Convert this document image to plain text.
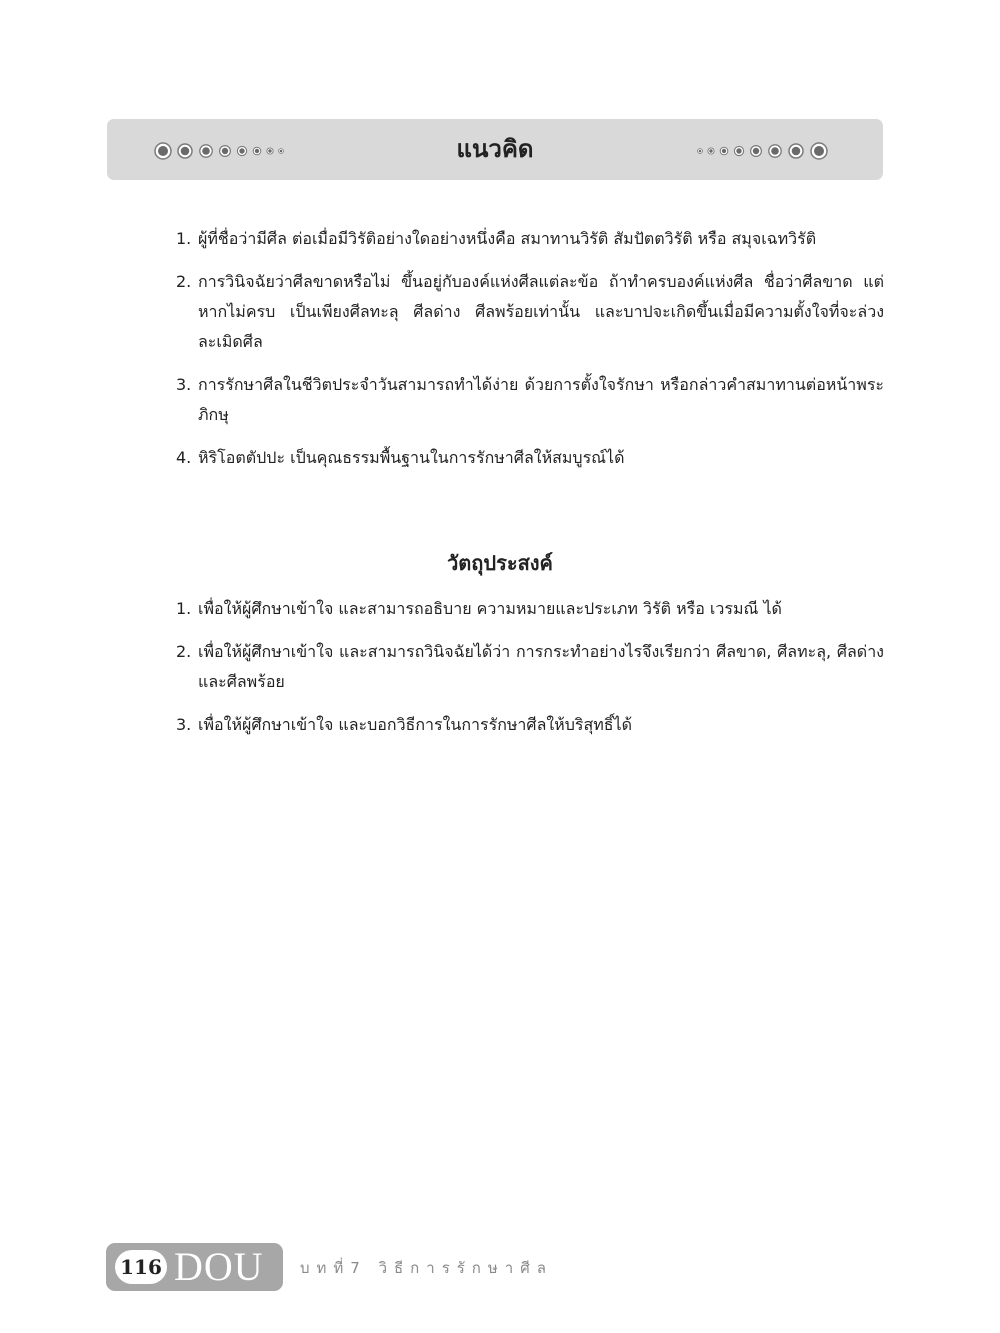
แนวคิด
1. ผู้ที่ชื่อว่ามีศีล ต่อเมื่อมีวิรัติอย่างใดอย่างหนึ่งคือ สมาทานวิรัติ สัมปัตตวิรัติ หรือ สมุจเฉทวิรัติ
2. การวินิจฉัยว่าศีลขาดหรือไม่ ขึ้นอยู่กับองค์แห่งศีลแต่ละข้อ ถ้าทำครบองค์แห่งศีล ชื่อว่าศีลขาด แต่หากไม่ครบ เป็นเพียงศีลทะลุ ศีลด่าง ศีลพร้อยเท่านั้น และบาปจะเกิดขึ้นเมื่อมีความตั้งใจที่จะล่วงละเมิดศีล
3. การรักษาศีลในชีวิตประจำวันสามารถทำได้ง่าย ด้วยการตั้งใจรักษา หรือกล่าวคำสมาทานต่อหน้าพระภิกษุ
4. หิริโอตตัปปะ เป็นคุณธรรมพื้นฐานในการรักษาศีลให้สมบูรณ์ได้
วัตถุประสงค์
1. เพื่อให้ผู้ศึกษาเข้าใจ และสามารถอธิบาย ความหมายและประเภท วิรัติ หรือ เวรมณี ได้
2. เพื่อให้ผู้ศึกษาเข้าใจ และสามารถวินิจฉัยได้ว่า การกระทำอย่างไรจึงเรียกว่า ศีลขาด, ศีลทะลุ, ศีลด่าง และศีลพร้อย
3. เพื่อให้ผู้ศึกษาเข้าใจ และบอกวิธีการในการรักษาศีลให้บริสุทธิ์ได้
116 DOU บทที่7 วิธีการรักษาศีล
